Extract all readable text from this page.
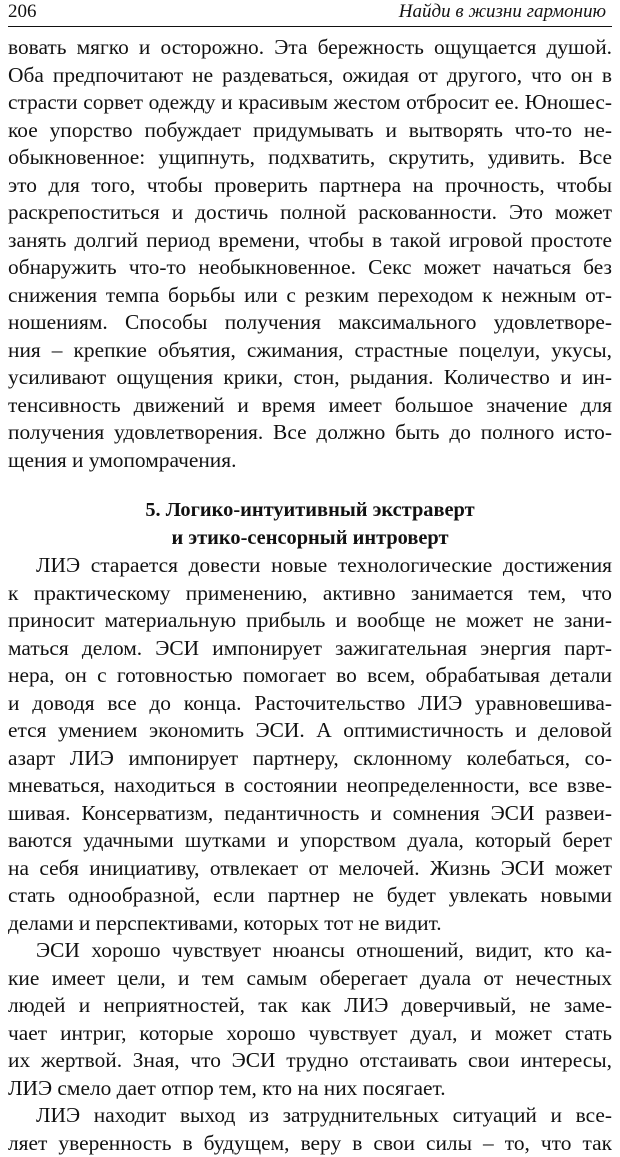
206	Найди в жизни гармонию
вовать мягко и осторожно. Эта бережность ощущается душой.
Оба предпочитают не раздеваться, ожидая от другого, что он в
страсти сорвет одежду и красивым жестом отбросит ее. Юношес-
кое упорство побуждает придумывать и вытворять что-то не-
обыкновенное: ущипнуть, подхватить, скрутить, удивить. Все
это для того, чтобы проверить партнера на прочность, чтобы
раскрепоститься и достичь полной раскованности. Это может
занять долгий период времени, чтобы в такой игровой простоте
обнаружить что-то необыкновенное. Секс может начаться без
снижения темпа борьбы или с резким переходом к нежным от-
ношениям. Способы получения максимального удовлетворе-
ния – крепкие объятия, сжимания, страстные поцелуи, укусы,
усиливают ощущения крики, стон, рыдания. Количество и ин-
тенсивность движений и время имеет большое значение для
получения удовлетворения. Все должно быть до полного исто-
щения и умопомрачения.
5. Логико-интуитивный экстраверт
и этико-сенсорный интроверт
ЛИЭ старается довести новые технологические достижения
к практическому применению, активно занимается тем, что
приносит материальную прибыль и вообще не может не зани-
маться делом. ЭСИ импонирует зажигательная энергия парт-
нера, он с готовностью помогает во всем, обрабатывая детали
и доводя все до конца. Расточительство ЛИЭ уравновешива-
ется умением экономить ЭСИ. А оптимистичность и деловой
азарт ЛИЭ импонирует партнеру, склонному колебаться, со-
мневаться, находиться в состоянии неопределенности, все взве-
шивая. Консерватизм, педантичность и сомнения ЭСИ развеи-
ваются удачными шутками и упорством дуала, который берет
на себя инициативу, отвлекает от мелочей. Жизнь ЭСИ может
стать однообразной, если партнер не будет увлекать новыми
делами и перспективами, которых тот не видит.
ЭСИ хорошо чувствует нюансы отношений, видит, кто ка-
кие имеет цели, и тем самым оберегает дуала от нечестных
людей и неприятностей, так как ЛИЭ доверчивый, не заме-
чает интриг, которые хорошо чувствует дуал, и может стать
их жертвой. Зная, что ЭСИ трудно отстаивать свои интересы,
ЛИЭ смело дает отпор тем, кто на них посягает.
ЛИЭ находит выход из затруднительных ситуаций и все-
ляет уверенность в будущем, веру в свои силы – то, что так
